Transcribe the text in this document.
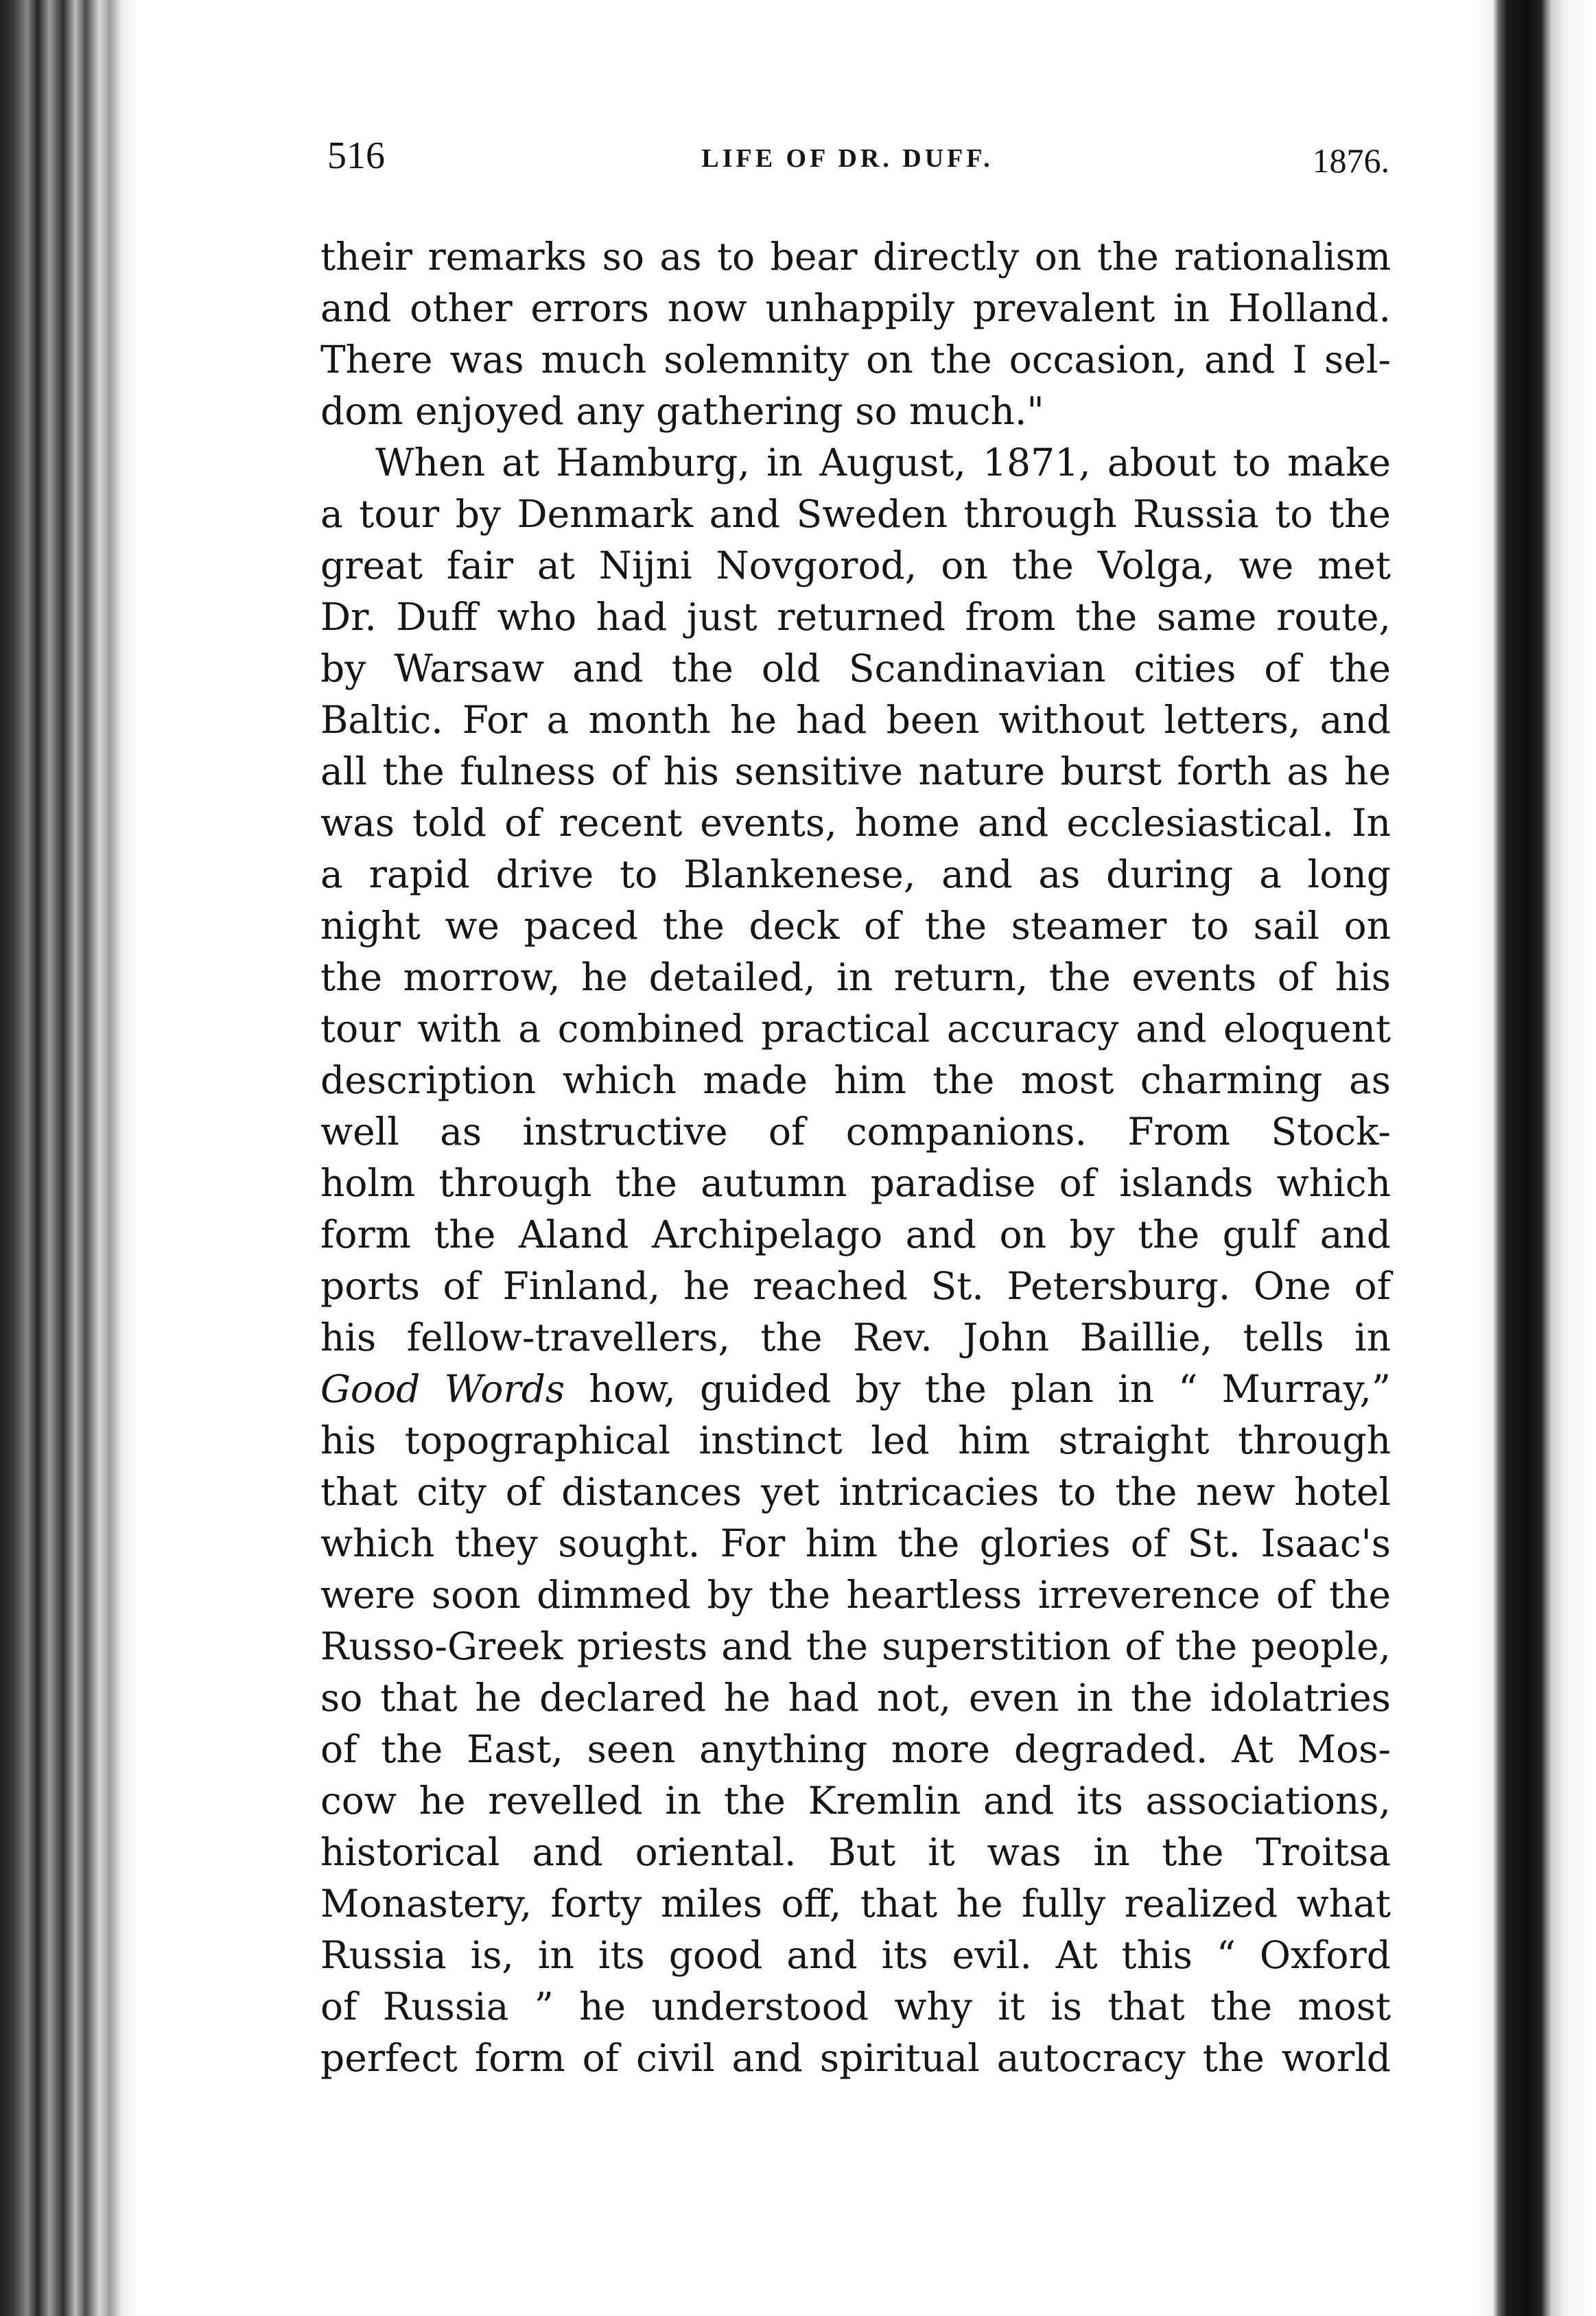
516	LIFE OF DR. DUFF.	1876.
their remarks so as to bear directly on the rationalism
and other errors now unhappily prevalent in Holland.
There was much solemnity on the occasion, and I sel-
dom enjoyed any gathering so much."
When at Hamburg, in August, 1871, about to make
a tour by Denmark and Sweden through Russia to the
great fair at Nijni Novgorod, on the Volga, we met
Dr. Duff who had just returned from the same route,
by Warsaw and the old Scandinavian cities of the
Baltic. For a month he had been without letters, and
all the fulness of his sensitive nature burst forth as he
was told of recent events, home and ecclesiastical. In
a rapid drive to Blankenese, and as during a long
night we paced the deck of the steamer to sail on
the morrow, he detailed, in return, the events of his
tour with a combined practical accuracy and eloquent
description which made him the most charming as
well as instructive of companions. From Stock-
holm through the autumn paradise of islands which
form the Aland Archipelago and on by the gulf and
ports of Finland, he reached St. Petersburg. One of
his fellow-travellers, the Rev. John Baillie, tells in
Good Words how, guided by the plan in “ Murray,”
his topographical instinct led him straight through
that city of distances yet intricacies to the new hotel
which they sought. For him the glories of St. Isaac's
were soon dimmed by the heartless irreverence of the
Russo-Greek priests and the superstition of the people,
so that he declared he had not, even in the idolatries
of the East, seen anything more degraded. At Mos-
cow he revelled in the Kremlin and its associations,
historical and oriental. But it was in the Troitsa
Monastery, forty miles off, that he fully realized what
Russia is, in its good and its evil. At this “ Oxford
of Russia ” he understood why it is that the most
perfect form of civil and spiritual autocracy the world
